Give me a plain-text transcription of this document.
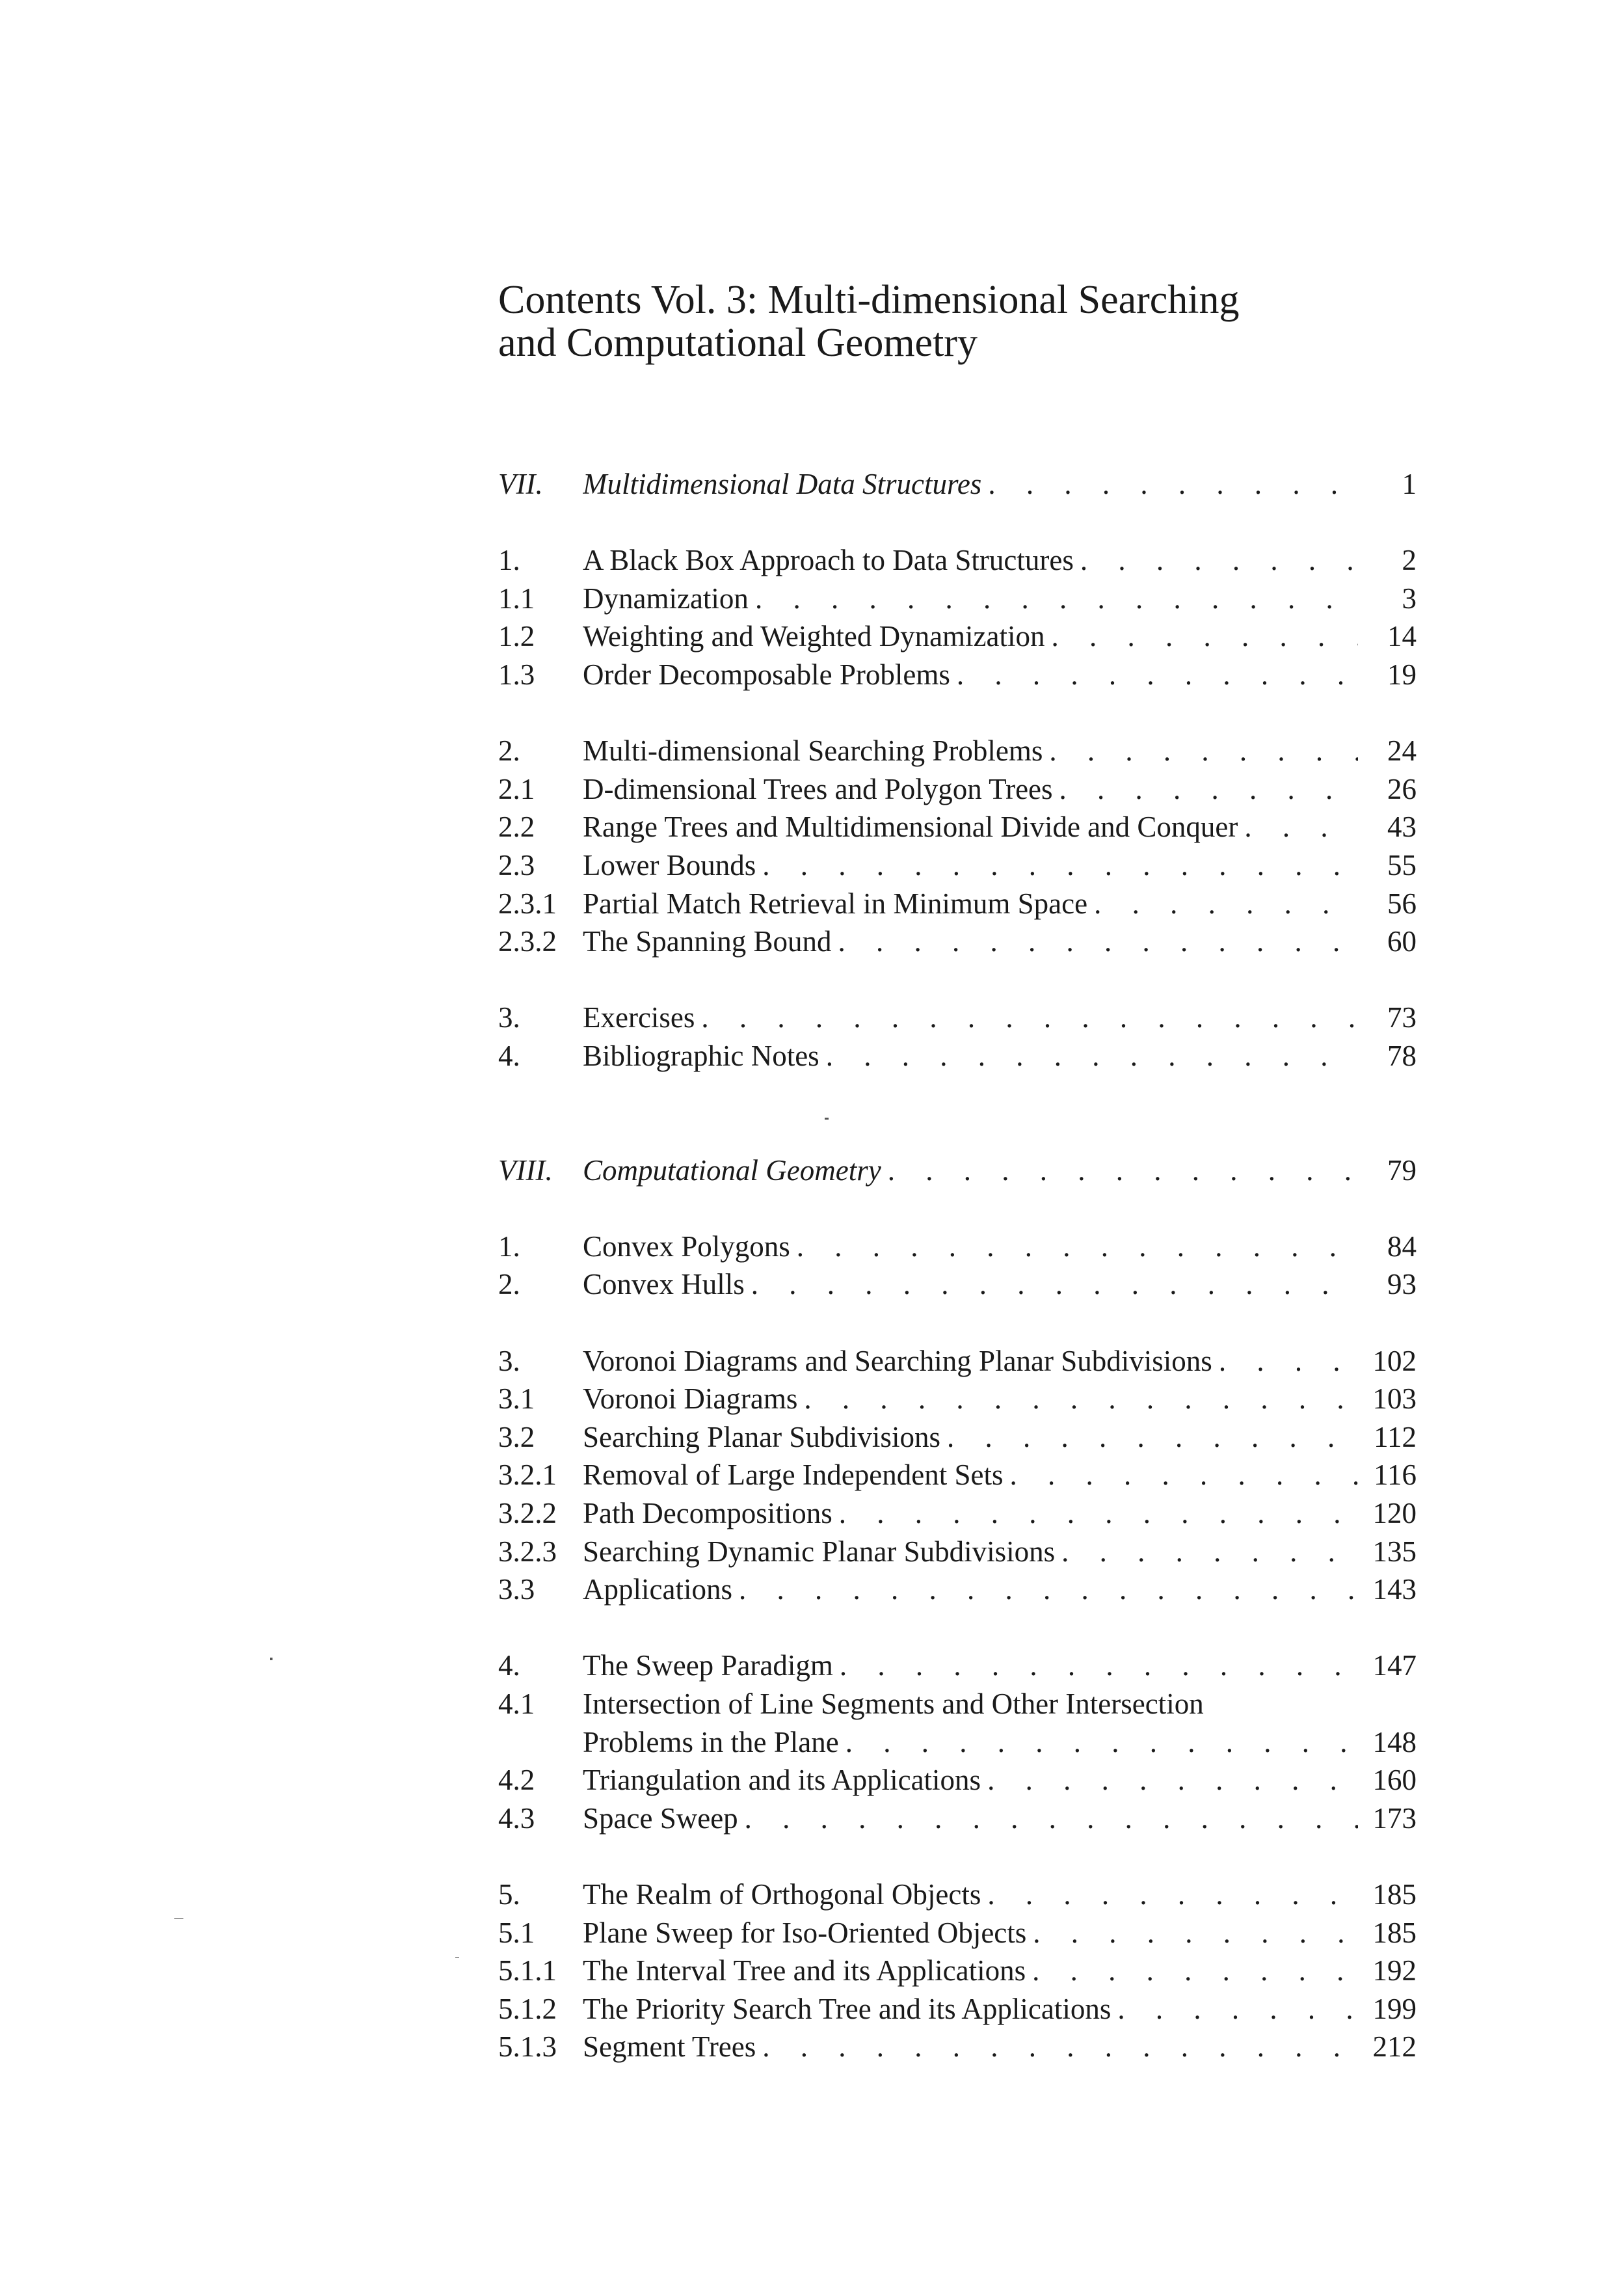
Contents Vol. 3: Multi-dimensional Searching
and Computational Geometry
VII.	Multidimensional Data Structures . . .	1
1.	A Black Box Approach to Data Structures . . .	2
1.1	Dynamization . . .	3
1.2	Weighting and Weighted Dynamization . . .	14
1.3	Order Decomposable Problems . . .	19
2.	Multi-dimensional Searching Problems . . .	24
2.1	D-dimensional Trees and Polygon Trees . . .	26
2.2	Range Trees and Multidimensional Divide and Conquer . . .	43
2.3	Lower Bounds . . .	55
2.3.1 Partial Match Retrieval in Minimum Space . . .	56
2.3.2 The Spanning Bound . . .	60
3.	Exercises . . .	73
4.	Bibliographic Notes . . .	78
VIII.	Computational Geometry . . .	79
1.	Convex Polygons . . .	84
2.	Convex Hulls . . .	93
3.	Voronoi Diagrams and Searching Planar Subdivisions . . .	102
3.1	Voronoi Diagrams . . .	103
3.2	Searching Planar Subdivisions . . .	112
3.2.1 Removal of Large Independent Sets . . .	116
3.2.2 Path Decompositions . . .	120
3.2.3 Searching Dynamic Planar Subdivisions . . .	135
3.3	Applications . . .	143
4.	The Sweep Paradigm . . .	147
4.1	Intersection of Line Segments and Other Intersection
Problems in the Plane . . .	148
4.2	Triangulation and its Applications . . .	160
4.3	Space Sweep . . .	173
5.	The Realm of Orthogonal Objects . . .	185
5.1	Plane Sweep for Iso-Oriented Objects . . .	185
5.1.1 The Interval Tree and its Applications . . .	192
5.1.2 The Priority Search Tree and its Applications . . .	199
5.1.3 Segment Trees . . .	212
